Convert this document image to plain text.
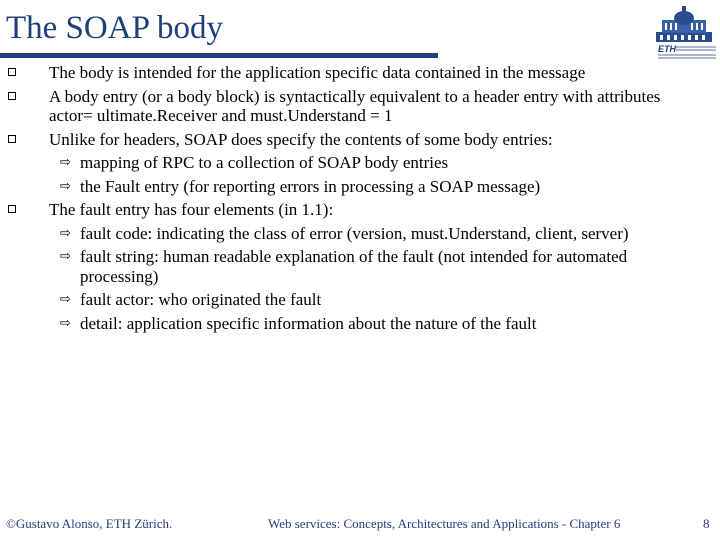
The SOAP body
ETH
The body is intended for the application specific data contained in the message
A body entry (or a body block) is syntactically equivalent to a header entry with attributes actor= ultimate.Receiver and must.Understand = 1
Unlike for headers, SOAP does specify the contents of some body entries:
⇨ mapping of RPC to a collection of SOAP body entries
⇨ the Fault entry (for reporting errors in processing a SOAP message)
The fault entry has four elements (in 1.1):
⇨ fault code: indicating the class of error (version, must.Understand, client, server)
⇨ fault string: human readable explanation of the fault (not intended for automated processing)
⇨ fault actor: who originated the fault
⇨ detail: application specific information about the nature of the fault
©Gustavo Alonso, ETH Zürich.	Web services: Concepts, Architectures and Applications - Chapter 6	8
